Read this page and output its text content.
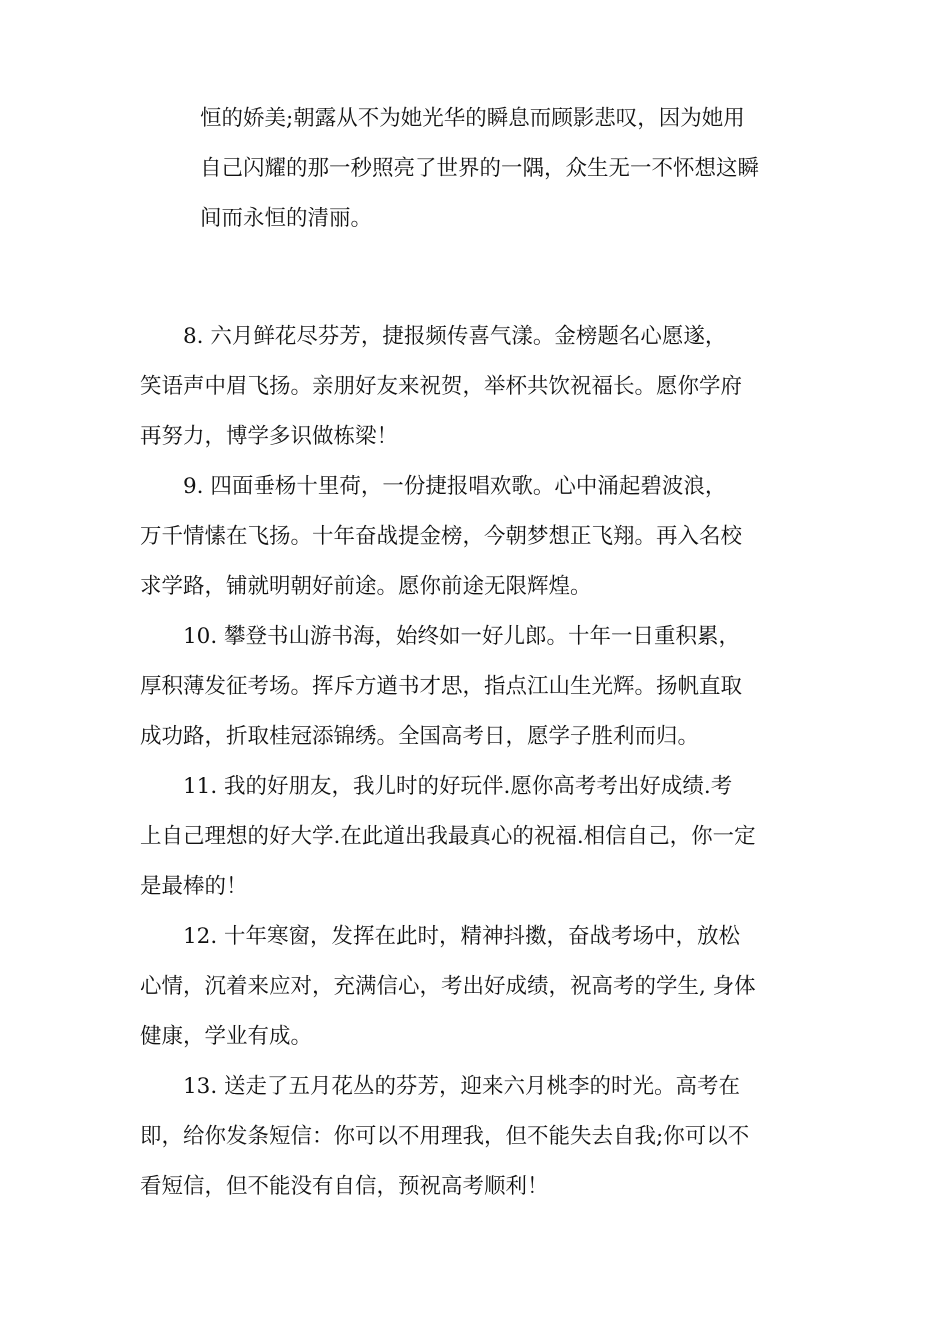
恒的娇美;朝露从不为她光华的瞬息而顾影悲叹，因为她用

自己闪耀的那一秒照亮了世界的一隅，众生无一不怀想这瞬

间而永恒的清丽。

8. 六月鲜花尽芬芳，捷报频传喜气漾。金榜题名心愿遂，

笑语声中眉飞扬。亲朋好友来祝贺，举杯共饮祝福长。愿你学府

再努力，博学多识做栋梁！

9. 四面垂杨十里荷，一份捷报唱欢歌。心中涌起碧波浪，

万千情愫在飞扬。十年奋战提金榜，今朝梦想正飞翔。再入名校

求学路，铺就明朝好前途。愿你前途无限辉煌。

10. 攀登书山游书海，始终如一好儿郎。十年一日重积累，

厚积薄发征考场。挥斥方遒书才思，指点江山生光辉。扬帆直取

成功路，折取桂冠添锦绣。全国高考日，愿学子胜利而归。

11. 我的好朋友，我儿时的好玩伴.愿你高考考出好成绩.考

上自己理想的好大学.在此道出我最真心的祝福.相信自己，你一定

是最棒的！

12. 十年寒窗，发挥在此时，精神抖擞，奋战考场中，放松

心情，沉着来应对，充满信心，考出好成绩，祝高考的学生, 身体

健康，学业有成。

13. 送走了五月花丛的芬芳，迎来六月桃李的时光。高考在

即，给你发条短信：你可以不用理我，但不能失去自我;你可以不

看短信，但不能没有自信，预祝高考顺利！
